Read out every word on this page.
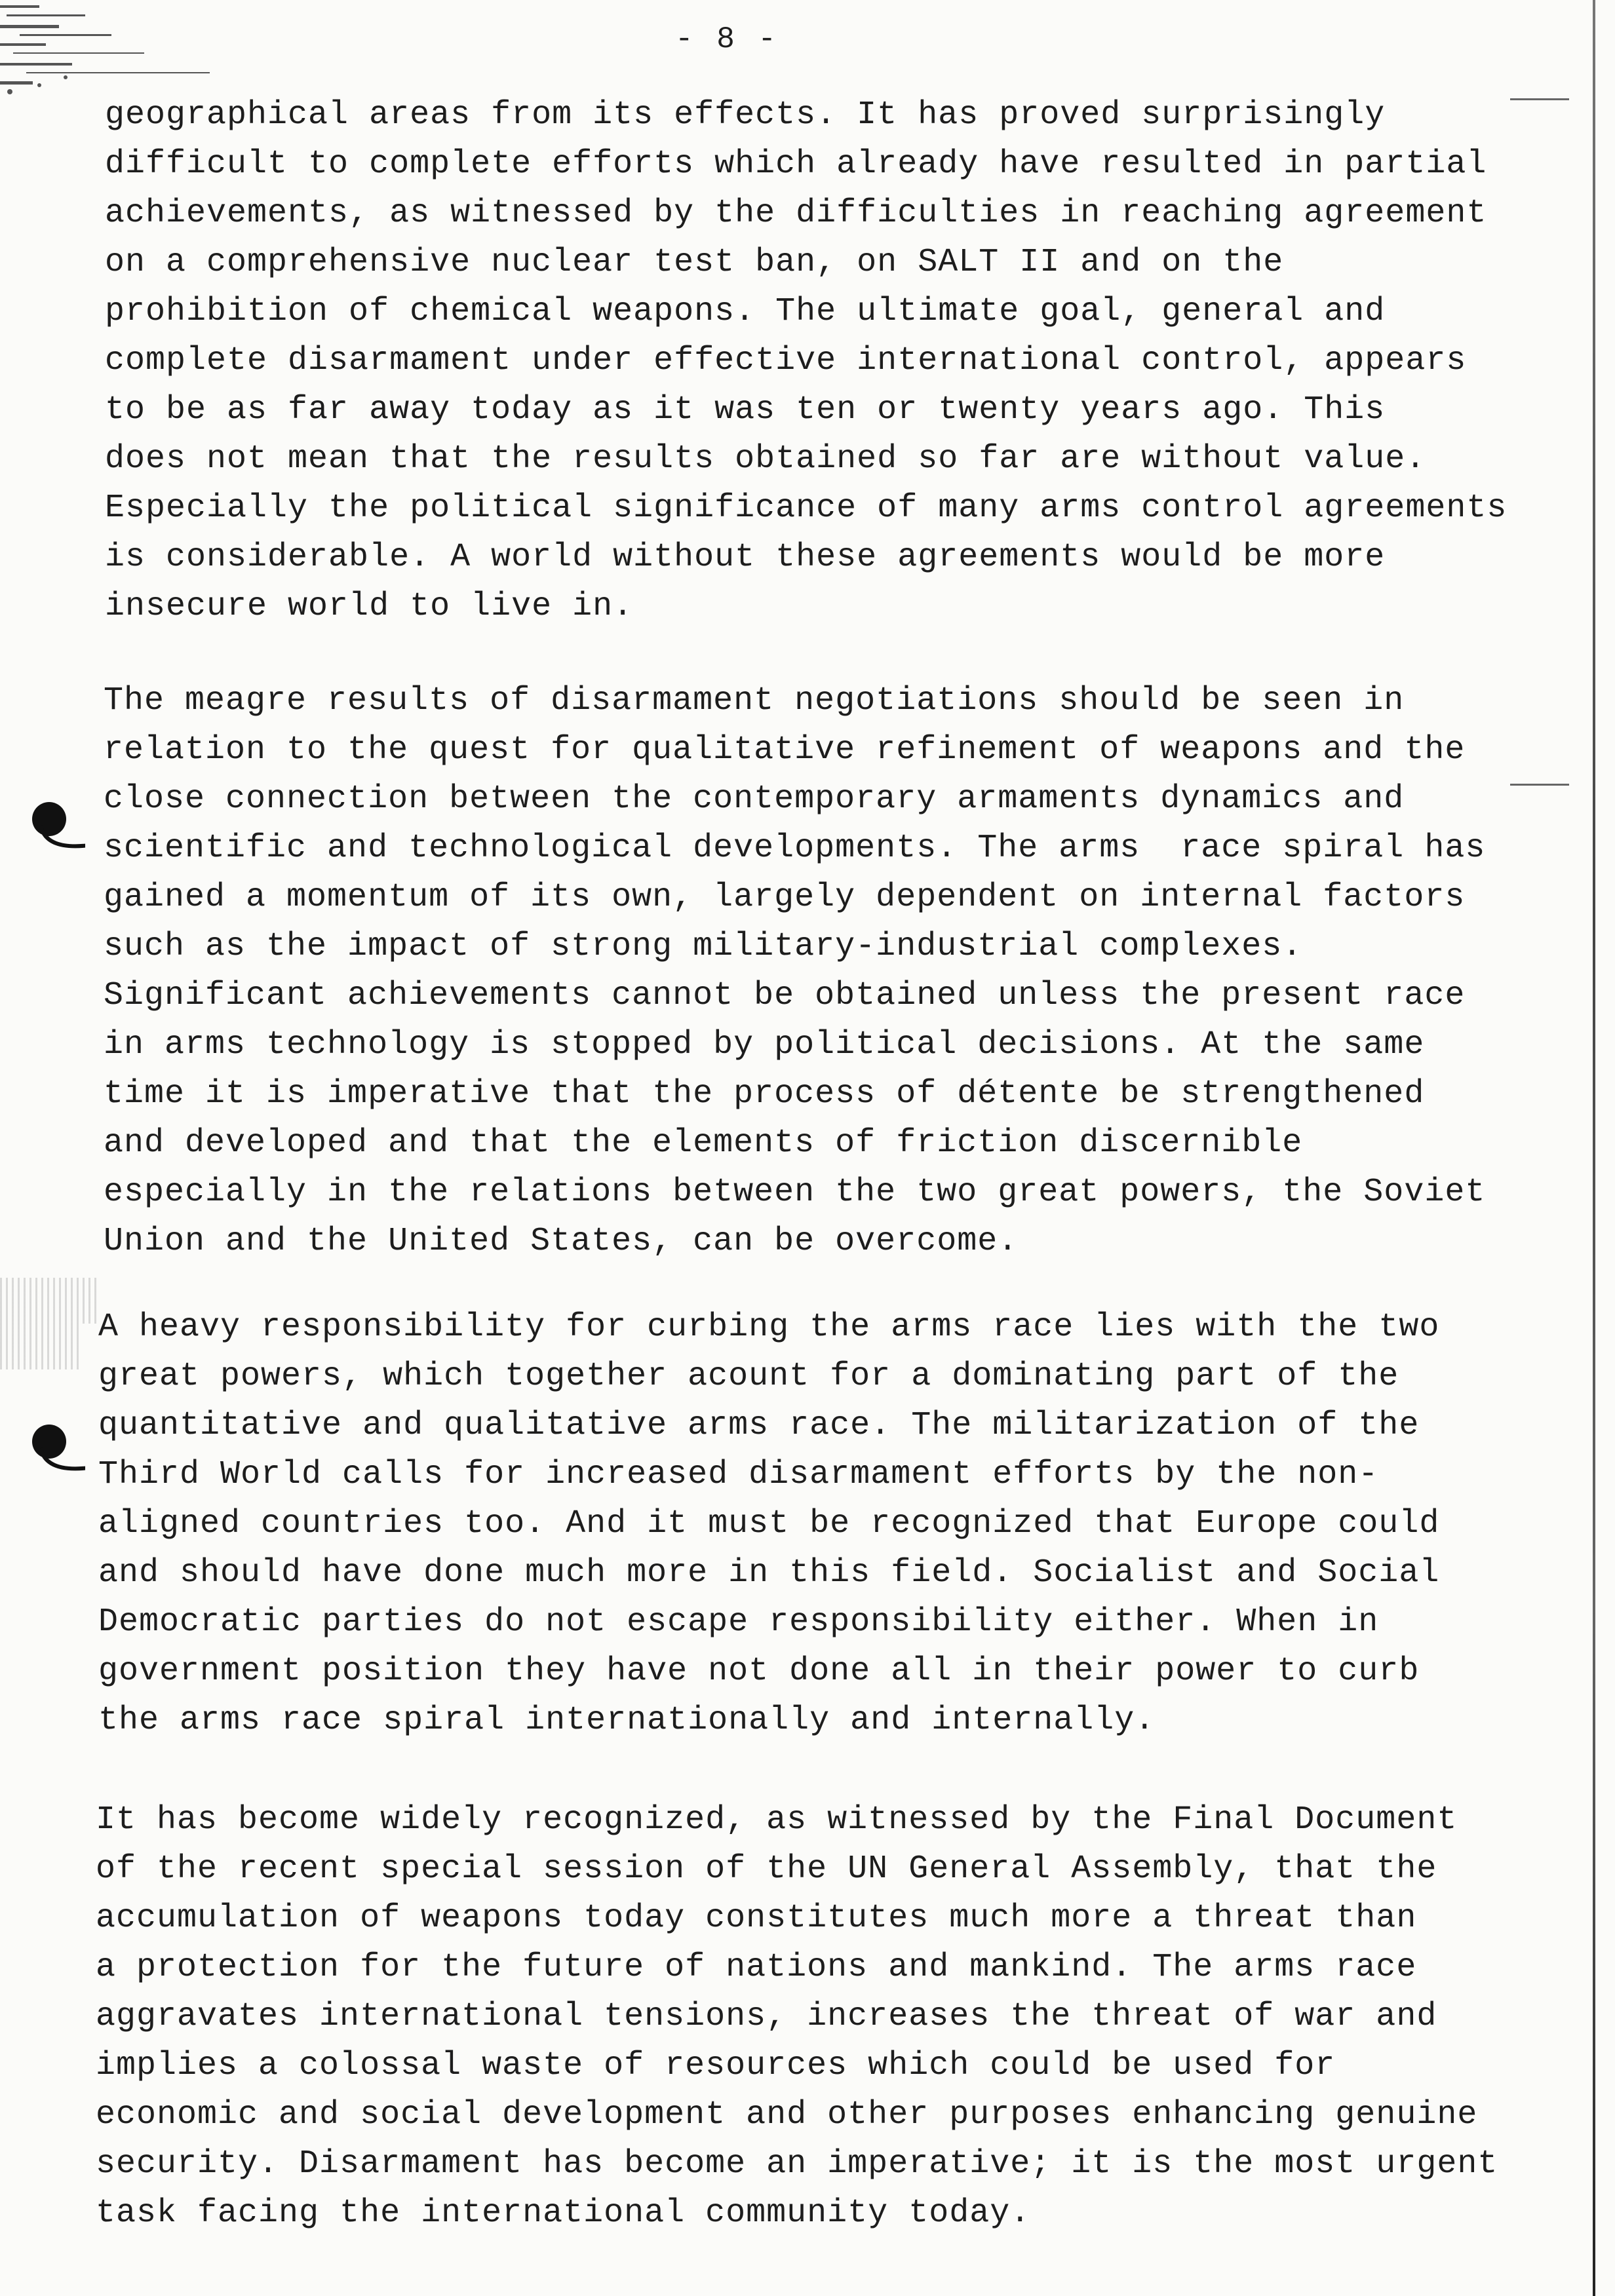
- 8 -
geographical areas from its effects. It has proved surprisingly
difficult to complete efforts which already have resulted in partial
achievements, as witnessed by the difficulties in reaching agreement
on a comprehensive nuclear test ban, on SALT II and on the
prohibition of chemical weapons. The ultimate goal, general and
complete disarmament under effective international control, appears
to be as far away today as it was ten or twenty years ago. This
does not mean that the results obtained so far are without value.
Especially the political significance of many arms control agreements
is considerable. A world without these agreements would be more
insecure world to live in.
The meagre results of disarmament negotiations should be seen in
relation to the quest for qualitative refinement of weapons and the
close connection between the contemporary armaments dynamics and
scientific and technological developments. The arms  race spiral has
gained a momentum of its own, largely dependent on internal factors
such as the impact of strong military-industrial complexes.
Significant achievements cannot be obtained unless the present race
in arms technology is stopped by political decisions. At the same
time it is imperative that the process of détente be strengthened
and developed and that the elements of friction discernible
especially in the relations between the two great powers, the Soviet
Union and the United States, can be overcome.
A heavy responsibility for curbing the arms race lies with the two
great powers, which together acount for a dominating part of the
quantitative and qualitative arms race. The militarization of the
Third World calls for increased disarmament efforts by the non-
aligned countries too. And it must be recognized that Europe could
and should have done much more in this field. Socialist and Social
Democratic parties do not escape responsibility either. When in
government position they have not done all in their power to curb
the arms race spiral internationally and internally.
It has become widely recognized, as witnessed by the Final Document
of the recent special session of the UN General Assembly, that the
accumulation of weapons today constitutes much more a threat than
a protection for the future of nations and mankind. The arms race
aggravates international tensions, increases the threat of war and
implies a colossal waste of resources which could be used for
economic and social development and other purposes enhancing genuine
security. Disarmament has become an imperative; it is the most urgent
task facing the international community today.
